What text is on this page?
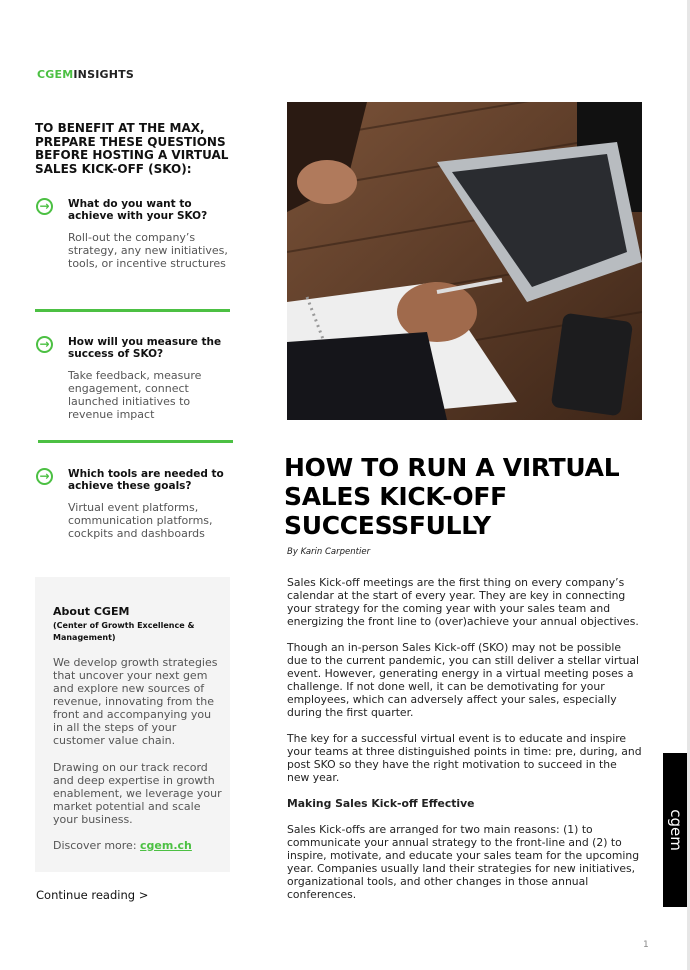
CGEMINSIGHTS
TO BENEFIT AT THE MAX, PREPARE THESE QUESTIONS BEFORE HOSTING A VIRTUAL SALES KICK-OFF (SKO):
→	What do you want to achieve with your SKO?
Roll-out the company’s strategy, any new initiatives, tools, or incentive structures
→	How will you measure the success of SKO?
Take feedback, measure engagement, connect launched initiatives to revenue impact
→	Which tools are needed to achieve these goals?
Virtual event platforms, communication platforms, cockpits and dashboards
About CGEM
(Center of Growth Excellence & Management)
We develop growth strategies that uncover your next gem and explore new sources of revenue, innovating from the front and accompanying you in all the steps of your customer value chain.
Drawing on our track record and deep expertise in growth enablement, we leverage your market potential and scale your business.
Discover more: cgem.ch
Continue reading >
HOW TO RUN A VIRTUAL SALES KICK-OFF SUCCESSFULLY
By Karin Carpentier

Sales Kick-off meetings are the first thing on every company’s calendar at the start of every year. They are key in connecting your strategy for the coming year with your sales team and energizing the front line to (over)achieve your annual objectives.

Though an in-person Sales Kick-off (SKO) may not be possible due to the current pandemic, you can still deliver a stellar virtual event. However, generating energy in a virtual meeting poses a challenge. If not done well, it can be demotivating for your employees, which can adversely affect your sales, especially during the first quarter.

The key for a successful virtual event is to educate and inspire your teams at three distinguished points in time: pre, during, and post SKO so they have the right motivation to succeed in the new year.

Making Sales Kick-off Effective

Sales Kick-offs are arranged for two main reasons: (1) to communicate your annual strategy to the front-line and (2) to inspire, motivate, and educate your sales team for the upcoming year. Companies usually land their strategies for new initiatives, organizational tools, and other changes in those annual conferences.

cgem
1
